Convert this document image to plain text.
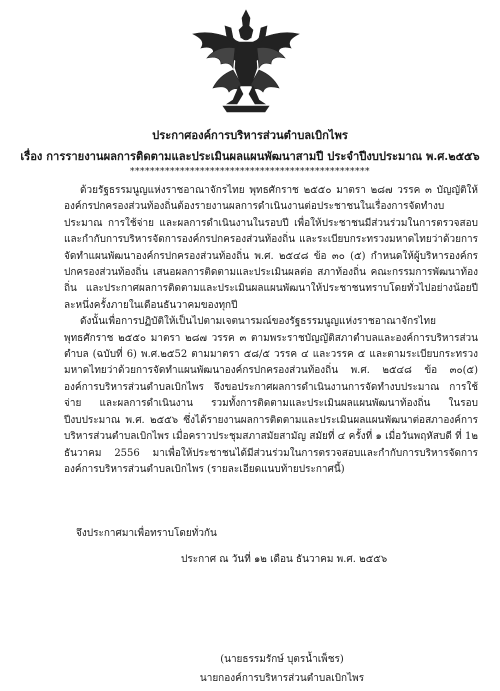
ประกาศองค์การบริหารส่วนตำบลเบิกไพร
เรื่อง การรายงานผลการติดตามและประเมินผลแผนพัฒนาสามปี ประจำปีงบประมาณ พ.ศ.๒๕๕๖
************************************************

ด้วยรัฐธรรมนูญแห่งราชอาณาจักรไทย พุทธศักราช ๒๕๕๐ มาตรา ๒๘๗ วรรค ๓ บัญญัติให้องค์กรปกครองส่วนท้องถิ่นต้องรายงานผลการดำเนินงานต่อประชาชนในเรื่องการจัดทำงบประมาณ การใช้จ่าย และผลการดำเนินงานในรอบปี เพื่อให้ประชาชนมีส่วนร่วมในการตรวจสอบและกำกับการบริหารจัดการองค์กรปกครองส่วนท้องถิ่น และระเบียบกระทรวงมหาดไทยว่าด้วยการจัดทำแผนพัฒนาองค์กรปกครองส่วนท้องถิ่น พ.ศ. ๒๕๔๘ ข้อ ๓๐ (๕) กำหนดให้ผู้บริหารองค์กรปกครองส่วนท้องถิ่น เสนอผลการติดตามและประเมินผลต่อ สภาท้องถิ่น คณะกรรมการพัฒนาท้องถิ่น และประกาศผลการติดตามและประเมินผลแผนพัฒนาให้ประชาชนทราบโดยทั่วไปอย่างน้อยปีละหนึ่งครั้งภายในเดือนธันวาคมของทุกปี

ดังนั้นเพื่อการปฏิบัติให้เป็นไปตามเจตนารมณ์ของรัฐธรรมนูญแห่งราชอาณาจักรไทย พุทธศักราช ๒๕๕๐ มาตรา ๒๘๗ วรรค ๓ ตามพระราชบัญญัติสภาตำบลและองค์การบริหารส่วนตำบล (ฉบับที่ 6) พ.ศ.๒๕52 ตามมาตรา ๕๘/๕ วรรค ๔ และวรรค ๕ และตามระเบียบกระทรวงมหาดไทยว่าด้วยการจัดทำแผนพัฒนาองค์กรปกครองส่วนท้องถิ่น พ.ศ. ๒๕๔๘ ข้อ ๓๐(๕) องค์การบริหารส่วนตำบลเบิกไพร จึงขอประกาศผลการดำเนินงานการจัดทำงบประมาณ การใช้จ่าย และผลการดำเนินงาน รวมทั้งการติดตามและประเมินผลแผนพัฒนาท้องถิ่น ในรอบปีงบประมาณ พ.ศ. ๒๕๕๖ ซึ่งได้รายงานผลการติดตามและประเมินผลแผนพัฒนาต่อสภาองค์การบริหารส่วนตำบลเบิกไพร เมื่อคราวประชุมสภาสมัยสามัญ สมัยที่ ๔ ครั้งที่ ๑ เมื่อวันพฤหัสบดี ที่ 1๒ ธันวาคม 2556 มาเพื่อให้ประชาชนได้มีส่วนร่วมในการตรวจสอบและกำกับการบริหารจัดการองค์การบริหารส่วนตำบลเบิกไพร (รายละเอียดแนบท้ายประกาศนี้)

จึงประกาศมาเพื่อทราบโดยทั่วกัน
ประกาศ ณ วันที่ ๑๒ เดือน ธันวาคม พ.ศ. ๒๕๕๖
(นายธรรมรักษ์ บุตรน้ำเพ็ชร)
นายกองค์การบริหารส่วนตำบลเบิกไพร
